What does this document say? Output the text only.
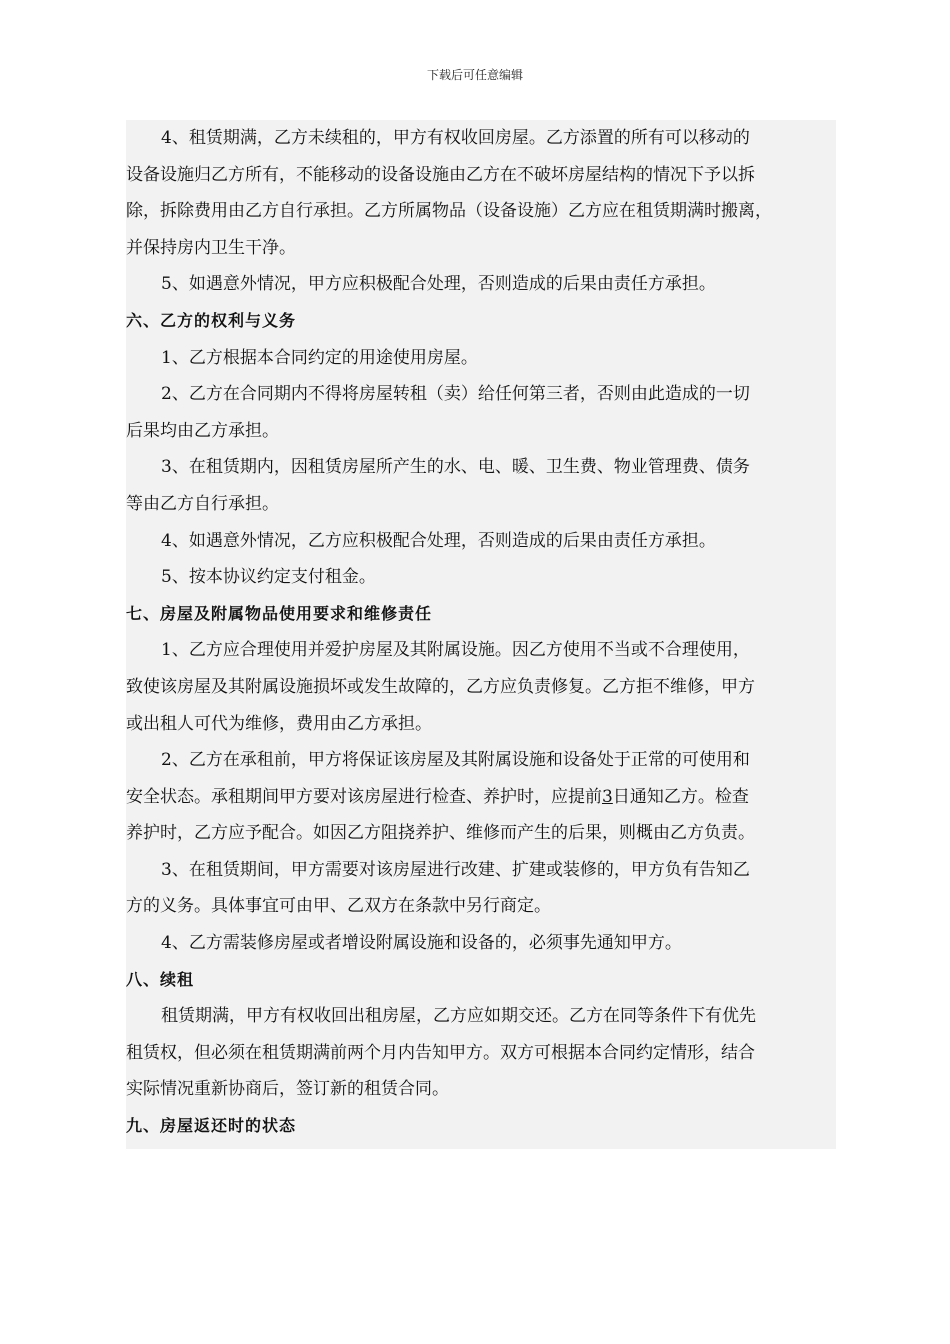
下载后可任意编辑

4、租赁期满，乙方未续租的，甲方有权收回房屋。乙方添置的所有可以移动的

设备设施归乙方所有，不能移动的设备设施由乙方在不破坏房屋结构的情况下予以拆

除，拆除费用由乙方自行承担。乙方所属物品（设备设施）乙方应在租赁期满时搬离，

并保持房内卫生干净。

5、如遇意外情况，甲方应积极配合处理，否则造成的后果由责任方承担。

六、乙方的权利与义务

1、乙方根据本合同约定的用途使用房屋。

2、乙方在合同期内不得将房屋转租（卖）给任何第三者，否则由此造成的一切

后果均由乙方承担。

3、在租赁期内，因租赁房屋所产生的水、电、暖、卫生费、物业管理费、债务

等由乙方自行承担。

4、如遇意外情况，乙方应积极配合处理，否则造成的后果由责任方承担。

5、按本协议约定支付租金。

七、房屋及附属物品使用要求和维修责任

1、乙方应合理使用并爱护房屋及其附属设施。因乙方使用不当或不合理使用，

致使该房屋及其附属设施损坏或发生故障的，乙方应负责修复。乙方拒不维修，甲方

或出租人可代为维修，费用由乙方承担。

2、乙方在承租前，甲方将保证该房屋及其附属设施和设备处于正常的可使用和

安全状态。承租期间甲方要对该房屋进行检查、养护时，应提前3日通知乙方。检查

养护时，乙方应予配合。如因乙方阻挠养护、维修而产生的后果，则概由乙方负责。

3、在租赁期间，甲方需要对该房屋进行改建、扩建或装修的，甲方负有告知乙

方的义务。具体事宜可由甲、乙双方在条款中另行商定。

4、乙方需装修房屋或者增设附属设施和设备的，必须事先通知甲方。

八、续租

租赁期满，甲方有权收回出租房屋，乙方应如期交还。乙方在同等条件下有优先

租赁权，但必须在租赁期满前两个月内告知甲方。双方可根据本合同约定情形，结合

实际情况重新协商后，签订新的租赁合同。

九、房屋返还时的状态
